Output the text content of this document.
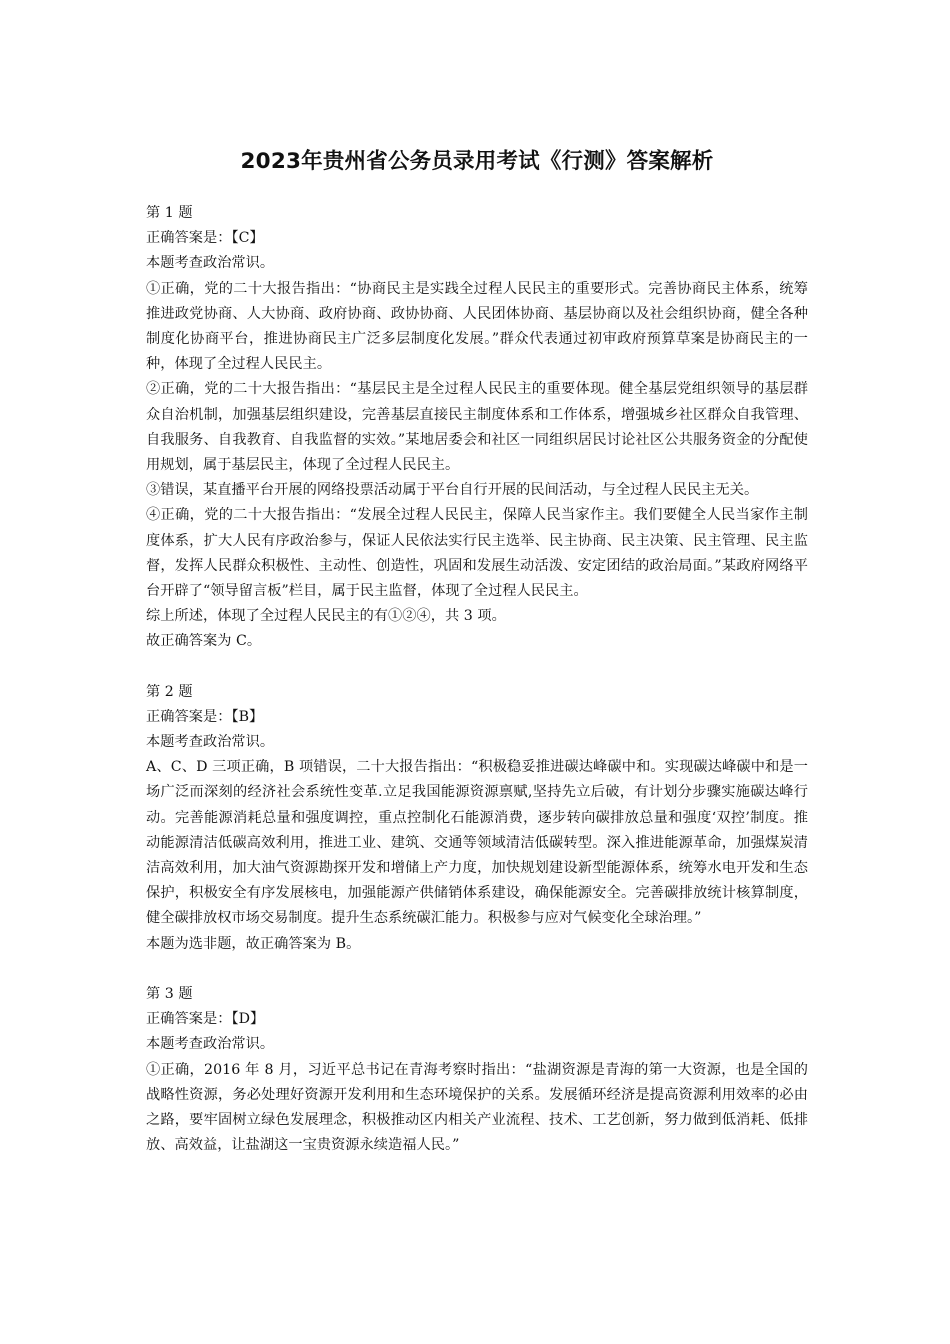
2023年贵州省公务员录用考试《行测》答案解析

第 1 题

正确答案是：【C】

本题考查政治常识。

①正确，党的二十大报告指出：“协商民主是实践全过程人民民主的重要形式。完善协商民主体系，统筹推进政党协商、人大协商、政府协商、政协协商、人民团体协商、基层协商以及社会组织协商，健全各种制度化协商平台，推进协商民主广泛多层制度化发展。”群众代表通过初审政府预算草案是协商民主的一种，体现了全过程人民民主。

②正确，党的二十大报告指出：“基层民主是全过程人民民主的重要体现。健全基层党组织领导的基层群众自治机制，加强基层组织建设，完善基层直接民主制度体系和工作体系，增强城乡社区群众自我管理、自我服务、自我教育、自我监督的实效。”某地居委会和社区一同组织居民讨论社区公共服务资金的分配使用规划，属于基层民主，体现了全过程人民民主。

③错误，某直播平台开展的网络投票活动属于平台自行开展的民间活动，与全过程人民民主无关。

④正确，党的二十大报告指出：“发展全过程人民民主，保障人民当家作主。我们要健全人民当家作主制度体系，扩大人民有序政治参与，保证人民依法实行民主选举、民主协商、民主决策、民主管理、民主监督，发挥人民群众积极性、主动性、创造性，巩固和发展生动活泼、安定团结的政治局面。”某政府网络平台开辟了“领导留言板”栏目，属于民主监督，体现了全过程人民民主。

综上所述，体现了全过程人民民主的有①②④，共 3 项。

故正确答案为 C。

第 2 题

正确答案是：【B】

本题考查政治常识。

A、C、D 三项正确，B 项错误，二十大报告指出：“积极稳妥推进碳达峰碳中和。实现碳达峰碳中和是一场广泛而深刻的经济社会系统性变革.立足我国能源资源禀赋,坚持先立后破，有计划分步骤实施碳达峰行动。完善能源消耗总量和强度调控，重点控制化石能源消费，逐步转向碳排放总量和强度‘双控’制度。推动能源清洁低碳高效利用，推进工业、建筑、交通等领域清洁低碳转型。深入推进能源革命，加强煤炭清洁高效利用，加大油气资源勘探开发和增储上产力度，加快规划建设新型能源体系，统筹水电开发和生态保护，积极安全有序发展核电，加强能源产供储销体系建设，确保能源安全。完善碳排放统计核算制度，健全碳排放权市场交易制度。提升生态系统碳汇能力。积极参与应对气候变化全球治理。”

本题为选非题，故正确答案为 B。

第 3 题

正确答案是：【D】

本题考查政治常识。

①正确，2016 年 8 月，习近平总书记在青海考察时指出：“盐湖资源是青海的第一大资源，也是全国的战略性资源，务必处理好资源开发利用和生态环境保护的关系。发展循环经济是提高资源利用效率的必由之路，要牢固树立绿色发展理念，积极推动区内相关产业流程、技术、工艺创新，努力做到低消耗、低排放、高效益，让盐湖这一宝贵资源永续造福人民。”
